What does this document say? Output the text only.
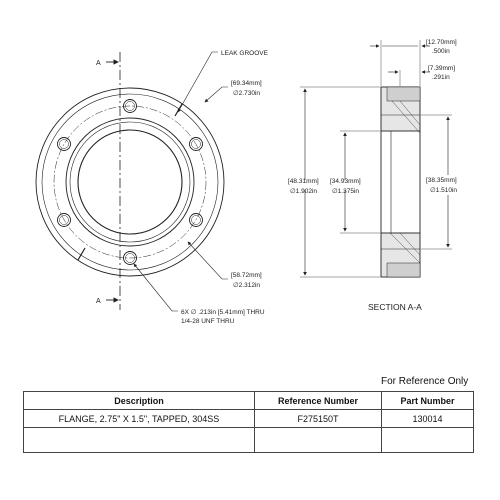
A
A
LEAK GROOVE
[69.34mm]
∅2.730in
[58.72mm]
∅2.312in
6X ∅ .213in [5.41mm] THRU
1/4-28 UNF THRU
[12.70mm]
.500in
[7.39mm]
.291in
[48.31mm]
∅1.902in
[34.93mm]
∅1.375in
[38.35mm]
∅1.510in
SECTION A-A
For Reference Only
Description	Reference Number	Part Number
FLANGE, 2.75" X 1.5", TAPPED, 304SS	F275150T	130014
